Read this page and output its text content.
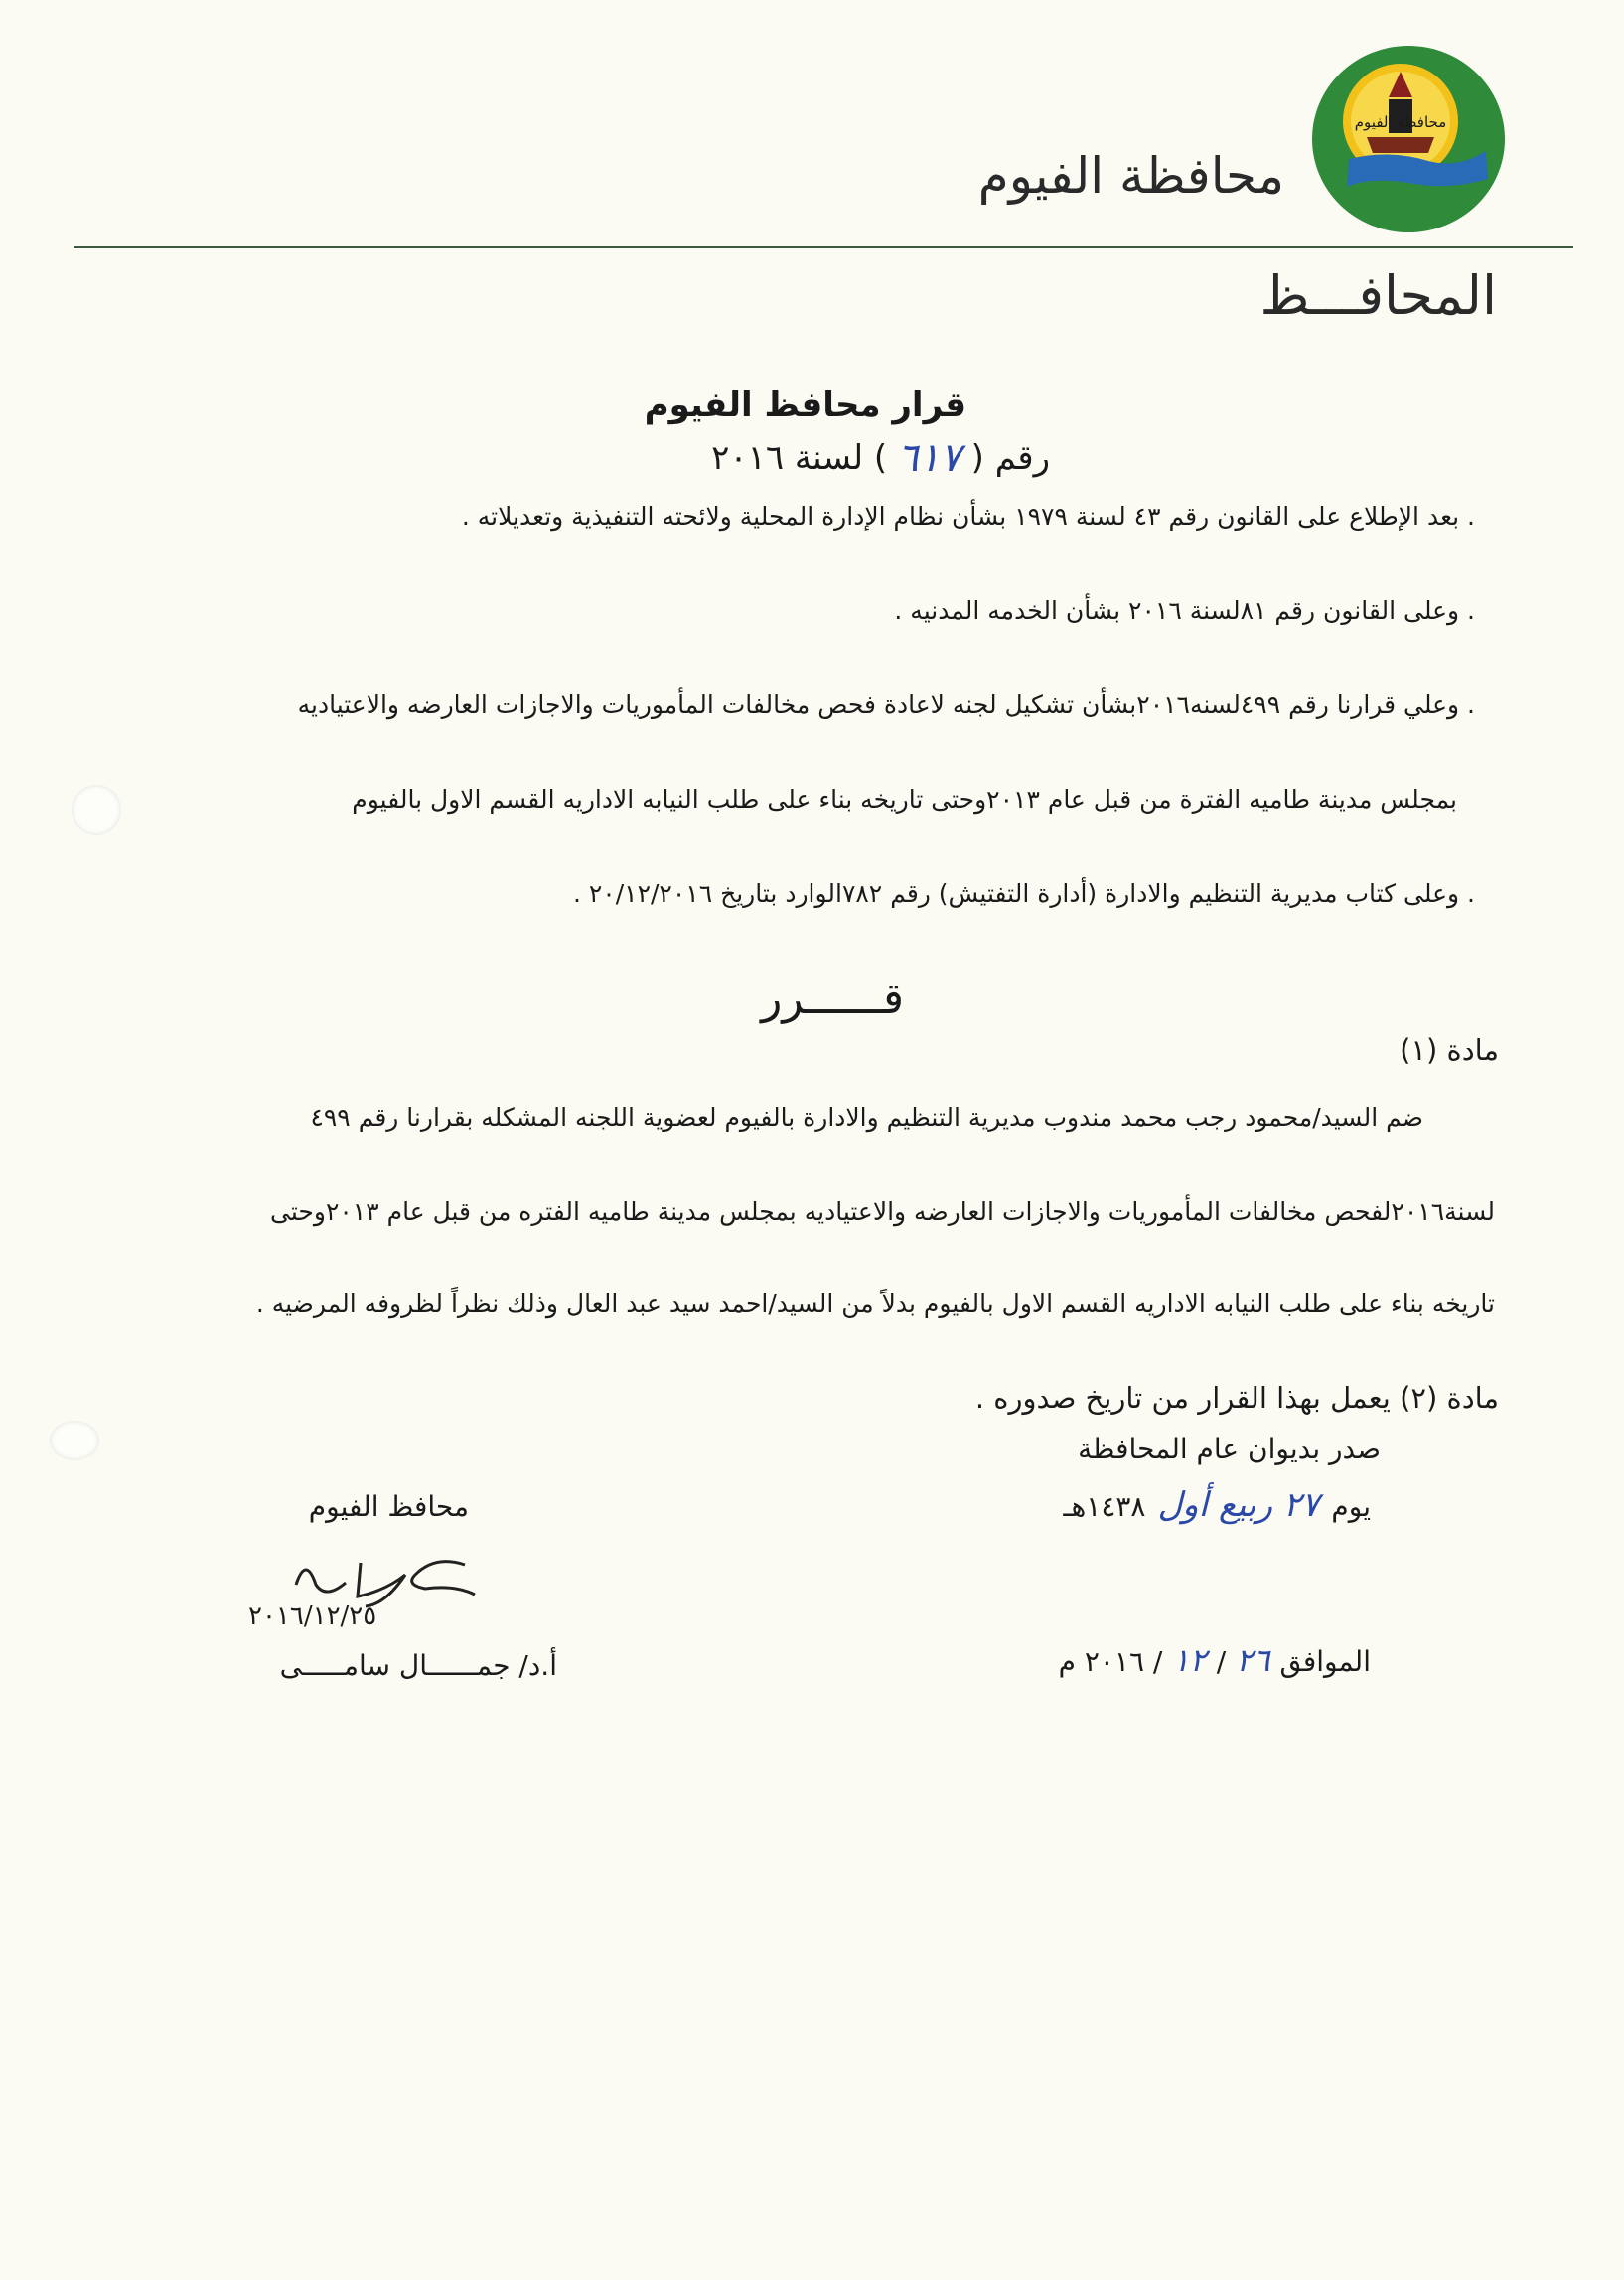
محافظة الفيوم
محافظة الفيوم
المحافـــظ
قرار محافظ الفيوم
رقم (
٦١٧
) لسنة ٢٠١٦
. بعد الإطلاع على القانون رقم ٤٣ لسنة ١٩٧٩ بشأن نظام الإدارة المحلية ولائحته التنفيذية وتعديلاته .
. وعلى القانون رقم ٨١لسنة ٢٠١٦ بشأن الخدمه المدنيه .
. وعلي قرارنا رقم ٤٩٩لسنه٢٠١٦بشأن تشكيل لجنه لاعادة فحص مخالفات المأموريات والاجازات العارضه والاعتياديه
بمجلس مدينة طاميه الفترة من قبل عام ٢٠١٣وحتى تاريخه بناء على طلب النيابه الاداريه القسم الاول بالفيوم
. وعلى كتاب مديرية التنظيم والادارة (أدارة التفتيش) رقم ٧٨٢الوارد بتاريخ ٢٠/١٢/٢٠١٦ .
قــــــرر
مادة (١)
ضم السيد/محمود رجب محمد مندوب مديرية التنظيم والادارة بالفيوم لعضوية اللجنه المشكله بقرارنا رقم ٤٩٩
لسنة٢٠١٦لفحص مخالفات المأموريات والاجازات العارضه والاعتياديه بمجلس مدينة طاميه الفتره من قبل عام ٢٠١٣وحتى
تاريخه بناء على طلب النيابه الاداريه القسم الاول بالفيوم بدلاً من السيد/احمد سيد عبد العال وذلك نظراً لظروفه المرضيه .
مادة (٢) يعمل بهذا القرار من تاريخ صدوره .
صدر بديوان عام المحافظة
يوم
٢٧ ربيع أول
١٤٣٨هـ
الموافق
٢٦
/
١٢
/ ٢٠١٦ م
محافظ الفيوم
٢٠١٦/١٢/٢٥
أ.د/ جمــــــال سامـــــى
